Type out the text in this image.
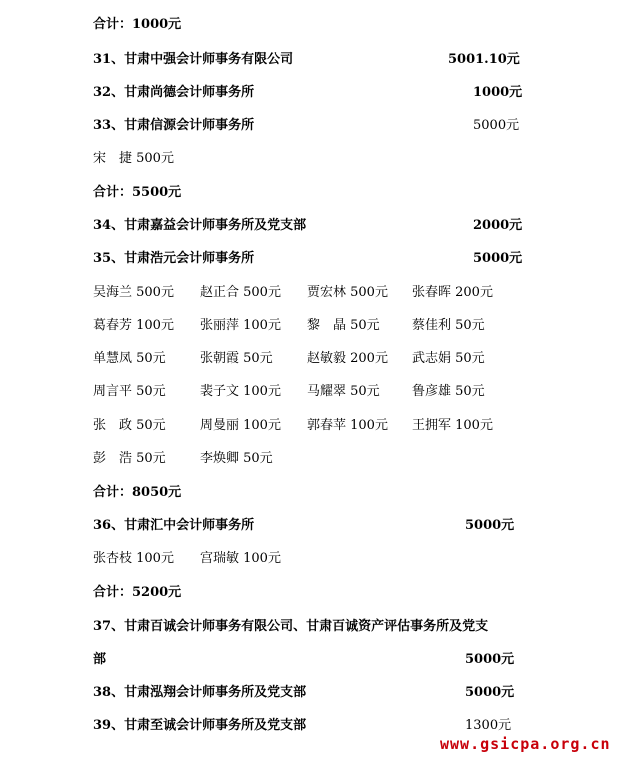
合计：1000元
31、甘肃中强会计师事务有限公司	5001.10元
32、甘肃尚德会计师事务所	1000元
33、甘肃信源会计师事务所	5000元
宋　捷 500元
合计：5500元
34、甘肃嘉益会计师事务所及党支部	2000元
35、甘肃浩元会计师事务所	5000元
吴海兰 500元 赵正合 500元 贾宏林 500元 张春晖 200元
葛春芳 100元 张丽萍 100元 黎　晶 50元 蔡佳利 50元
单慧凤 50元	张朝霞 50元	赵敏毅 200元 武志娟 50元
周言平 50元	裴子文 100元 马耀翠 50元 鲁彦雄 50元
张　政 50元	周曼丽 100元 郭春苹 100元 王拥军 100元
彭　浩 50元	李焕卿 50元
合计：8050元
36、甘肃汇中会计师事务所	5000元
张杏枝 100元 宫瑞敏 100元
合计：5200元
37、甘肃百诚会计师事务有限公司、甘肃百诚资产评估事务所及党支
部	5000元
38、甘肃泓翔会计师事务所及党支部	5000元
39、甘肃至诚会计师事务所及党支部	1300元
www.gsicpa.org.cn
